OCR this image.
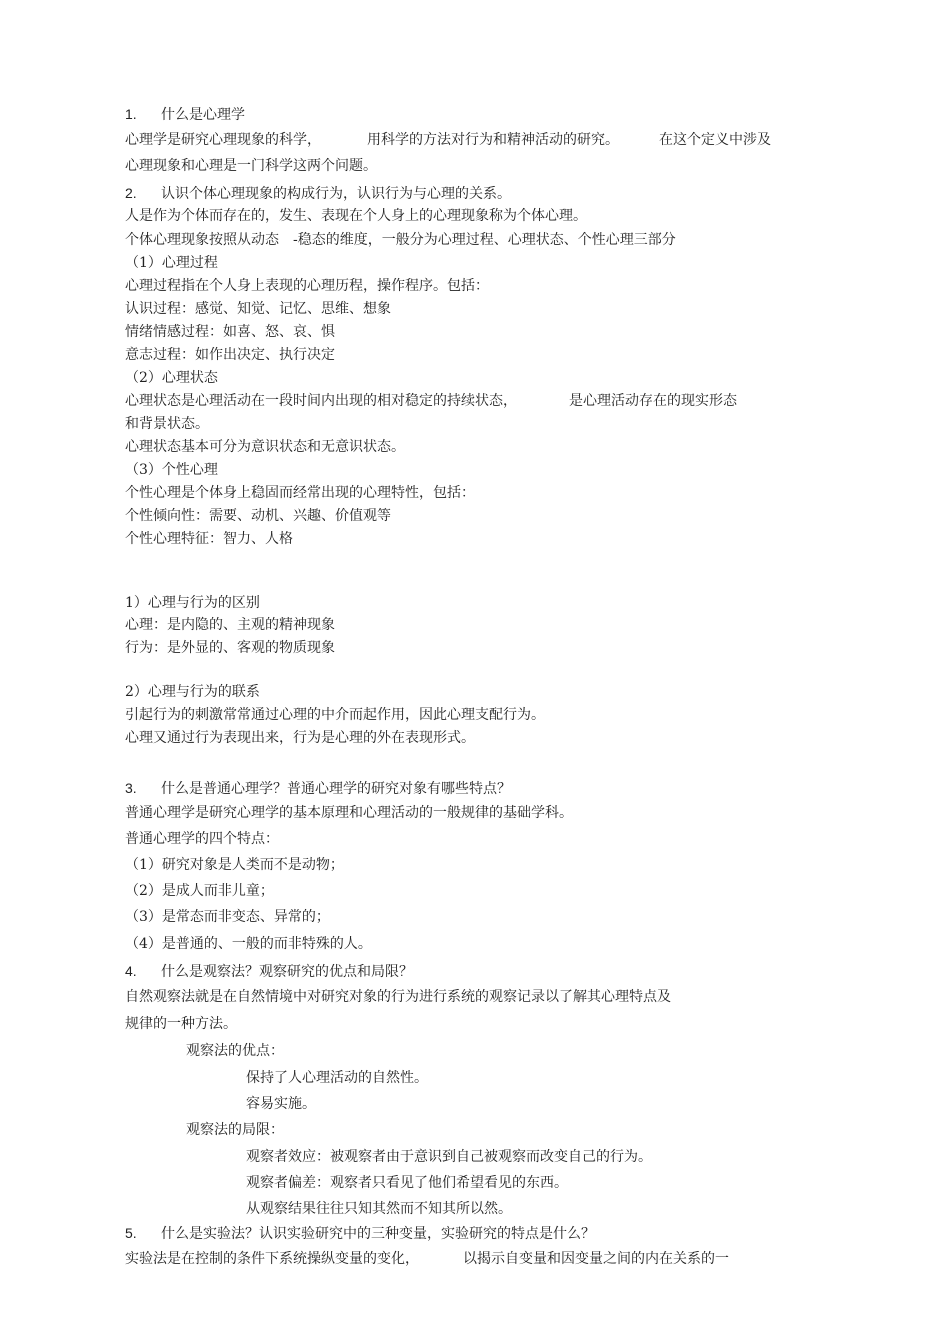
1. 什么是心理学
心理学是研究心理现象的科学，	用科学的方法对行为和精神活动的研究。	在这个定义中涉及
心理现象和心理是一门科学这两个问题。
2. 认识个体心理现象的构成行为，认识行为与心理的关系。
人是作为个体而存在的，发生、表现在个人身上的心理现象称为个体心理。
个体心理现象按照从动态 -稳态的维度，一般分为心理过程、心理状态、个性心理三部分
（1）心理过程
心理过程指在个人身上表现的心理历程，操作程序。包括：
认识过程：感觉、知觉、记忆、思维、想象
情绪情感过程：如喜、怒、哀、惧
意志过程：如作出决定、执行决定
（2）心理状态
心理状态是心理活动在一段时间内出现的相对稳定的持续状态，	是心理活动存在的现实形态
和背景状态。
心理状态基本可分为意识状态和无意识状态。
（3）个性心理
个性心理是个体身上稳固而经常出现的心理特性，包括：
个性倾向性：需要、动机、兴趣、价值观等
个性心理特征：智力、人格
1）心理与行为的区别
心理：是内隐的、主观的精神现象
行为：是外显的、客观的物质现象
2）心理与行为的联系
引起行为的刺激常常通过心理的中介而起作用，因此心理支配行为。
心理又通过行为表现出来，行为是心理的外在表现形式。
3. 什么是普通心理学？普通心理学的研究对象有哪些特点？
普通心理学是研究心理学的基本原理和心理活动的一般规律的基础学科。
普通心理学的四个特点：
（1）研究对象是人类而不是动物；
（2）是成人而非儿童；
（3）是常态而非变态、异常的；
（4）是普通的、一般的而非特殊的人。
4. 什么是观察法？观察研究的优点和局限？
自然观察法就是在自然情境中对研究对象的行为进行系统的观察记录以了解其心理特点及
规律的一种方法。
观察法的优点：
保持了人心理活动的自然性。
容易实施。
观察法的局限：
观察者效应：被观察者由于意识到自己被观察而改变自己的行为。
观察者偏差：观察者只看见了他们希望看见的东西。
从观察结果往往只知其然而不知其所以然。
5. 什么是实验法？认识实验研究中的三种变量，实验研究的特点是什么？
实验法是在控制的条件下系统操纵变量的变化，	以揭示自变量和因变量之间的内在关系的一
